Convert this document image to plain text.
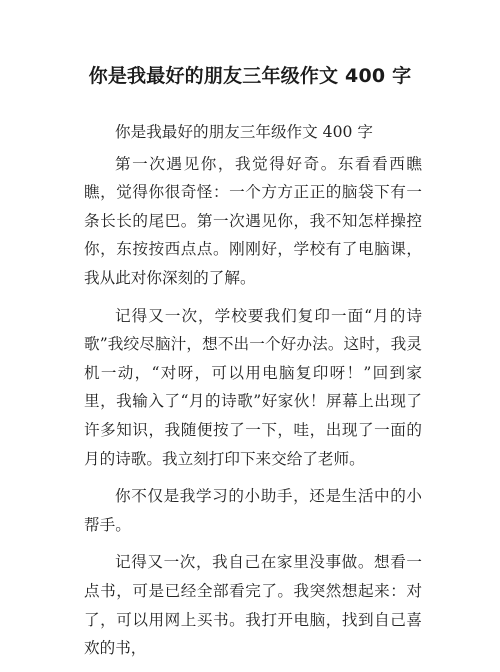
你是我最好的朋友三年级作文 400 字

你是我最好的朋友三年级作文 400 字

第一次遇见你，我觉得好奇。东看看西瞧瞧，觉得你很奇怪：一个方方正正的脑袋下有一条长长的尾巴。第一次遇见你，我不知怎样操控你，东按按西点点。刚刚好，学校有了电脑课，我从此对你深刻的了解。

记得又一次，学校要我们复印一面“月的诗歌”我绞尽脑汁，想不出一个好办法。这时，我灵机一动，“对呀，可以用电脑复印呀！”回到家里，我输入了“月的诗歌”好家伙！屏幕上出现了许多知识，我随便按了一下，哇，出现了一面的月的诗歌。我立刻打印下来交给了老师。

你不仅是我学习的小助手，还是生活中的小帮手。

记得又一次，我自己在家里没事做。想看一点书，可是已经全部看完了。我突然想起来：对了，可以用网上买书。我打开电脑，找到自己喜欢的书，
